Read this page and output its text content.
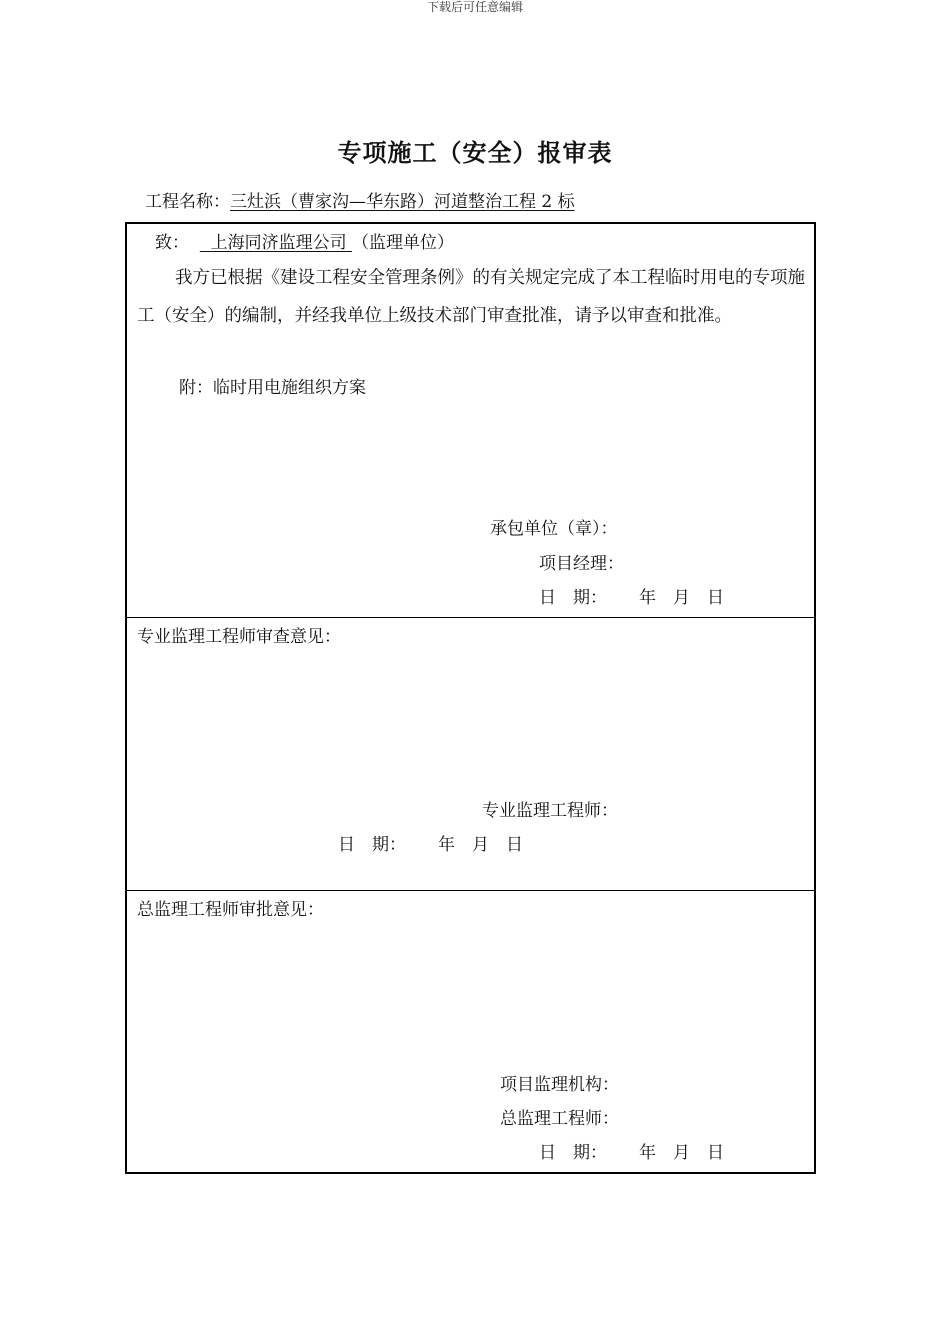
下载后可任意编辑
专项施工（安全）报审表
工程名称：三灶浜（曹家沟—华东路）河道整治工程 2 标
致： 上海同济监理公司 （监理单位）
我方已根据《建设工程安全管理条例》的有关规定完成了本工程临时用电的专项施工（安全）的编制，并经我单位上级技术部门审查批准，请予以审查和批准。
附：临时用电施组织方案
承包单位（章）：
项目经理：
日　期： 年　月　日
专业监理工程师审查意见：
专业监理工程师：
日　期： 年　月　日
总监理工程师审批意见：
项目监理机构：
总监理工程师：
日　期： 年　月　日
